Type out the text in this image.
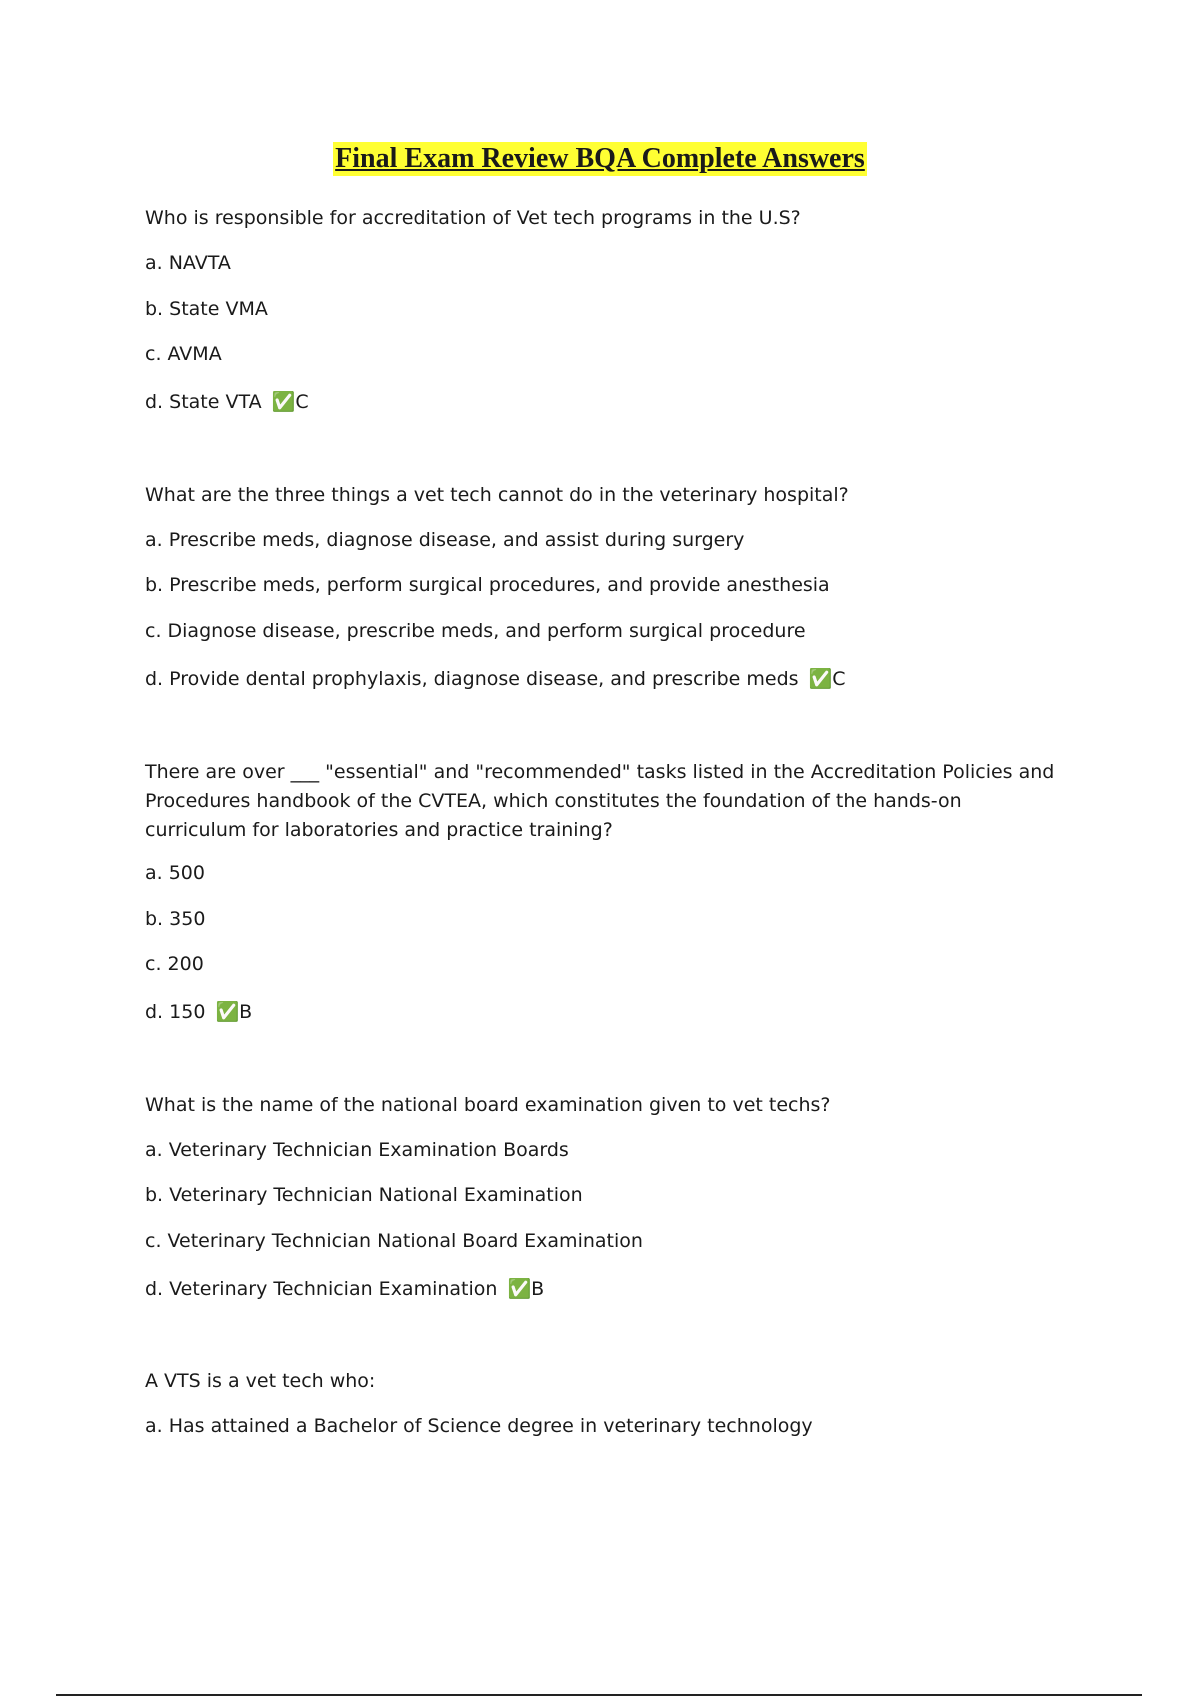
Final Exam Review BQA Complete Answers
Who is responsible for accreditation of Vet tech programs in the U.S?
a. NAVTA
b. State VMA
c. AVMA
d. State VTA ✅C
What are the three things a vet tech cannot do in the veterinary hospital?
a. Prescribe meds, diagnose disease, and assist during surgery
b. Prescribe meds, perform surgical procedures, and provide anesthesia
c. Diagnose disease, prescribe meds, and perform surgical procedure
d. Provide dental prophylaxis, diagnose disease, and prescribe meds ✅C
There are over ___ "essential" and "recommended" tasks listed in the Accreditation Policies and Procedures handbook of the CVTEA, which constitutes the foundation of the hands-on curriculum for laboratories and practice training?
a. 500
b. 350
c. 200
d. 150 ✅B
What is the name of the national board examination given to vet techs?
a. Veterinary Technician Examination Boards
b. Veterinary Technician National Examination
c. Veterinary Technician National Board Examination
d. Veterinary Technician Examination ✅B
A VTS is a vet tech who:
a. Has attained a Bachelor of Science degree in veterinary technology
